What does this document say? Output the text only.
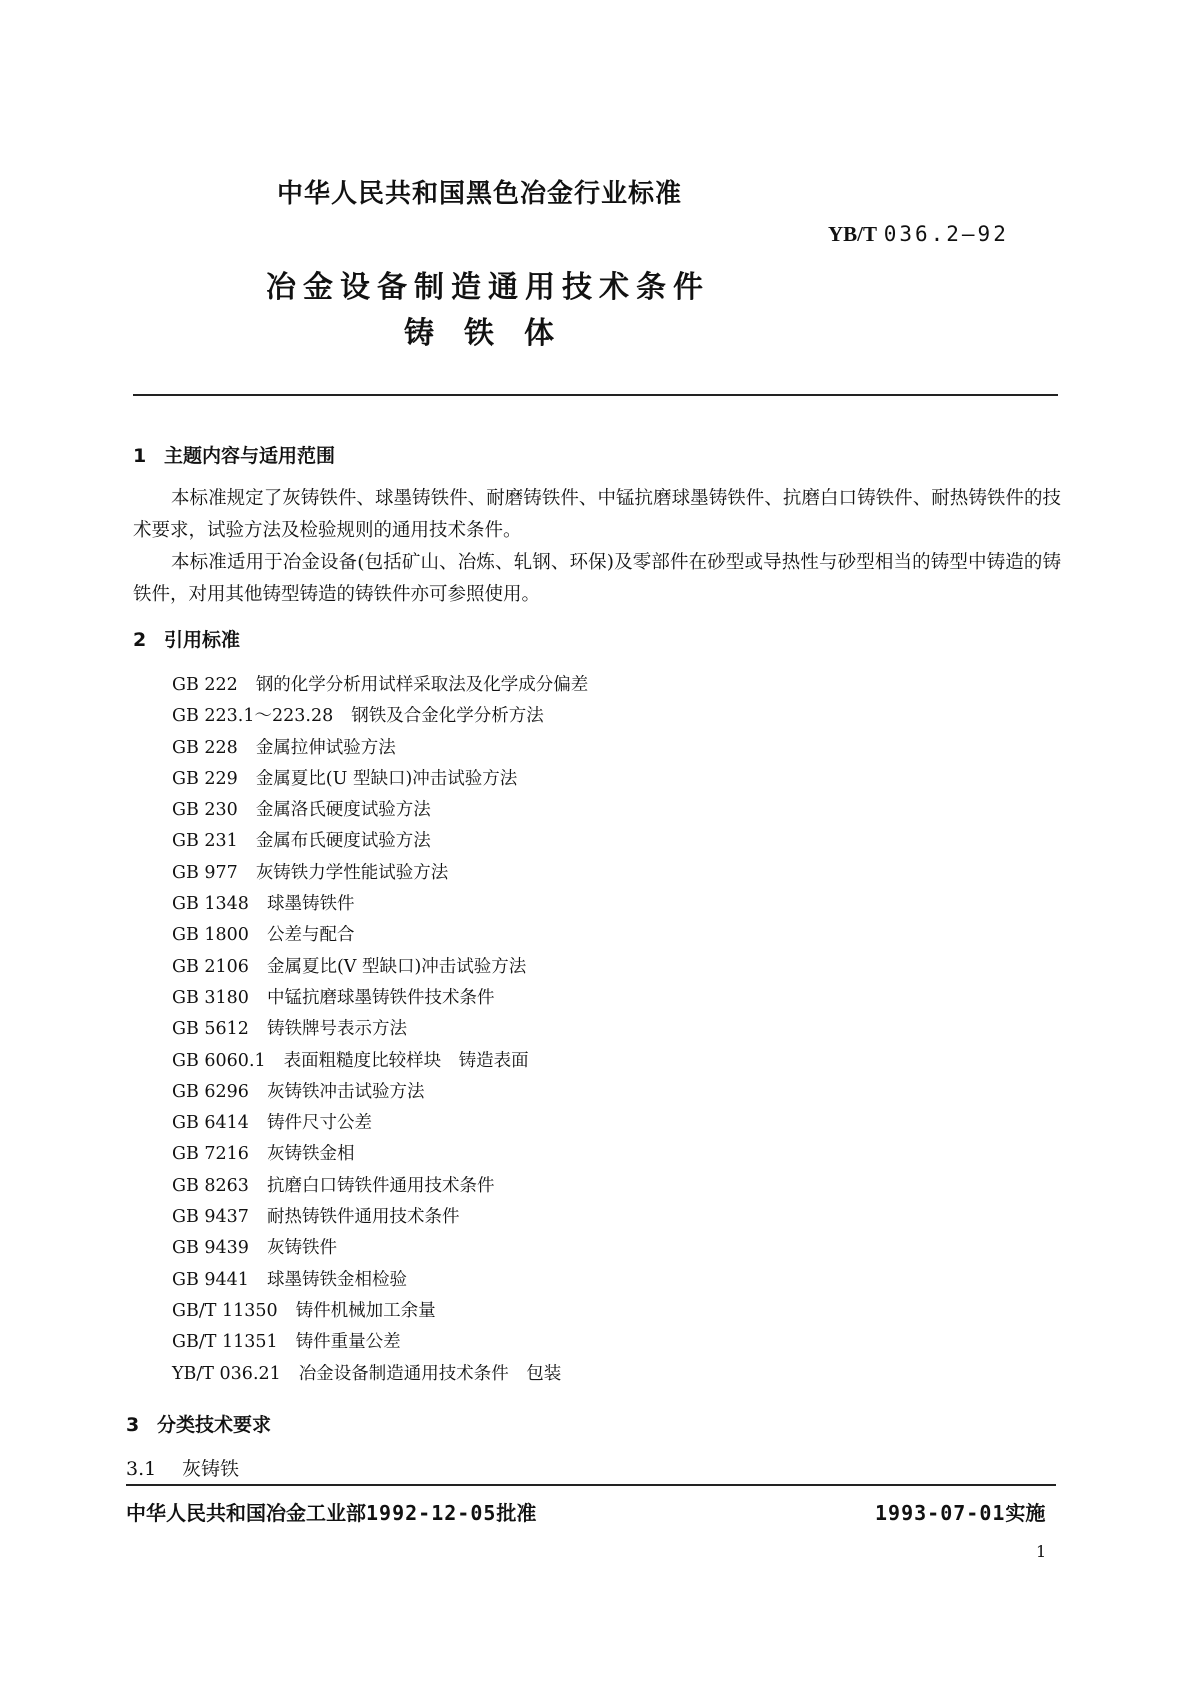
中华人民共和国黑色冶金行业标准
YB/T 036.2—92
冶金设备制造通用技术条件
铸铁体
1 主题内容与适用范围
本标准规定了灰铸铁件、球墨铸铁件、耐磨铸铁件、中锰抗磨球墨铸铁件、抗磨白口铸铁件、耐热铸铁件的技术要求，试验方法及检验规则的通用技术条件。
本标准适用于冶金设备(包括矿山、冶炼、轧钢、环保)及零部件在砂型或导热性与砂型相当的铸型中铸造的铸铁件，对用其他铸型铸造的铸铁件亦可参照使用。
2 引用标准
GB 222 钢的化学分析用试样采取法及化学成分偏差
GB 223.1～223.28 钢铁及合金化学分析方法
GB 228 金属拉伸试验方法
GB 229 金属夏比(U 型缺口)冲击试验方法
GB 230 金属洛氏硬度试验方法
GB 231 金属布氏硬度试验方法
GB 977 灰铸铁力学性能试验方法
GB 1348 球墨铸铁件
GB 1800 公差与配合
GB 2106 金属夏比(V 型缺口)冲击试验方法
GB 3180 中锰抗磨球墨铸铁件技术条件
GB 5612 铸铁牌号表示方法
GB 6060.1 表面粗糙度比较样块　铸造表面
GB 6296 灰铸铁冲击试验方法
GB 6414 铸件尺寸公差
GB 7216 灰铸铁金相
GB 8263 抗磨白口铸铁件通用技术条件
GB 9437 耐热铸铁件通用技术条件
GB 9439 灰铸铁件
GB 9441 球墨铸铁金相检验
GB/T 11350 铸件机械加工余量
GB/T 11351 铸件重量公差
YB/T 036.21 冶金设备制造通用技术条件　包装
3 分类技术要求
3.1 灰铸铁
中华人民共和国冶金工业部1992-12-05批准	1993-07-01实施
1
